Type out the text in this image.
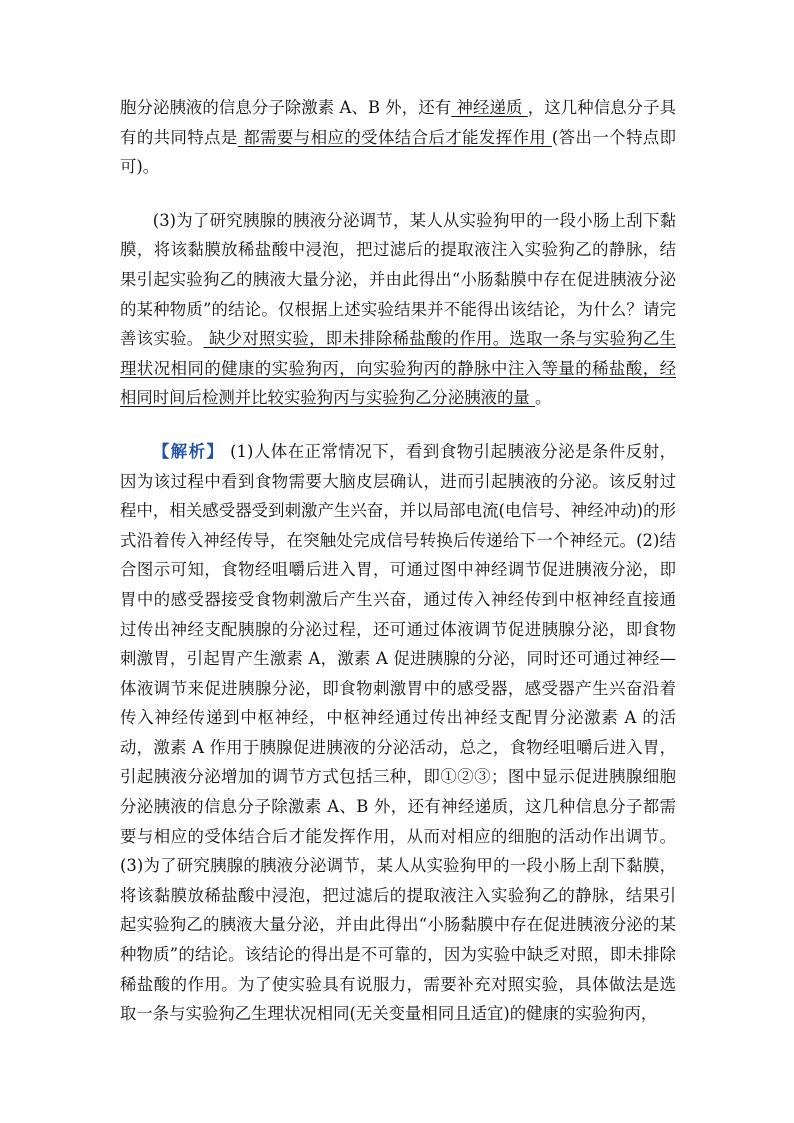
胞分泌胰液的信息分子除激素 A、B 外，还有 神经递质 ，这几种信息分子具有的共同特点是 都需要与相应的受体结合后才能发挥作用 (答出一个特点即可)。

(3)为了研究胰腺的胰液分泌调节，某人从实验狗甲的一段小肠上刮下黏膜，将该黏膜放稀盐酸中浸泡，把过滤后的提取液注入实验狗乙的静脉，结果引起实验狗乙的胰液大量分泌，并由此得出“小肠黏膜中存在促进胰液分泌的某种物质”的结论。仅根据上述实验结果并不能得出该结论，为什么？请完善该实验。 缺少对照实验，即未排除稀盐酸的作用。选取一条与实验狗乙生理状况相同的健康的实验狗丙，向实验狗丙的静脉中注入等量的稀盐酸，经相同时间后检测并比较实验狗丙与实验狗乙分泌胰液的量 。

【解析】 (1)人体在正常情况下，看到食物引起胰液分泌是条件反射，因为该过程中看到食物需要大脑皮层确认，进而引起胰液的分泌。该反射过程中，相关感受器受到刺激产生兴奋，并以局部电流(电信号、神经冲动)的形式沿着传入神经传导，在突触处完成信号转换后传递给下一个神经元。(2)结合图示可知，食物经咀嚼后进入胃，可通过图中神经调节促进胰液分泌，即胃中的感受器接受食物刺激后产生兴奋，通过传入神经传到中枢神经直接通过传出神经支配胰腺的分泌过程，还可通过体液调节促进胰腺分泌，即食物刺激胃，引起胃产生激素 A，激素 A 促进胰腺的分泌，同时还可通过神经—体液调节来促进胰腺分泌，即食物刺激胃中的感受器，感受器产生兴奋沿着传入神经传递到中枢神经，中枢神经通过传出神经支配胃分泌激素 A 的活动，激素 A 作用于胰腺促进胰液的分泌活动，总之，食物经咀嚼后进入胃，引起胰液分泌增加的调节方式包括三种，即①②③；图中显示促进胰腺细胞分泌胰液的信息分子除激素 A、B 外，还有神经递质，这几种信息分子都需要与相应的受体结合后才能发挥作用，从而对相应的细胞的活动作出调节。(3)为了研究胰腺的胰液分泌调节，某人从实验狗甲的一段小肠上刮下黏膜，将该黏膜放稀盐酸中浸泡，把过滤后的提取液注入实验狗乙的静脉，结果引起实验狗乙的胰液大量分泌，并由此得出“小肠黏膜中存在促进胰液分泌的某种物质”的结论。该结论的得出是不可靠的，因为实验中缺乏对照，即未排除稀盐酸的作用。为了使实验具有说服力，需要补充对照实验，具体做法是选取一条与实验狗乙生理状况相同(无关变量相同且适宜)的健康的实验狗丙，
